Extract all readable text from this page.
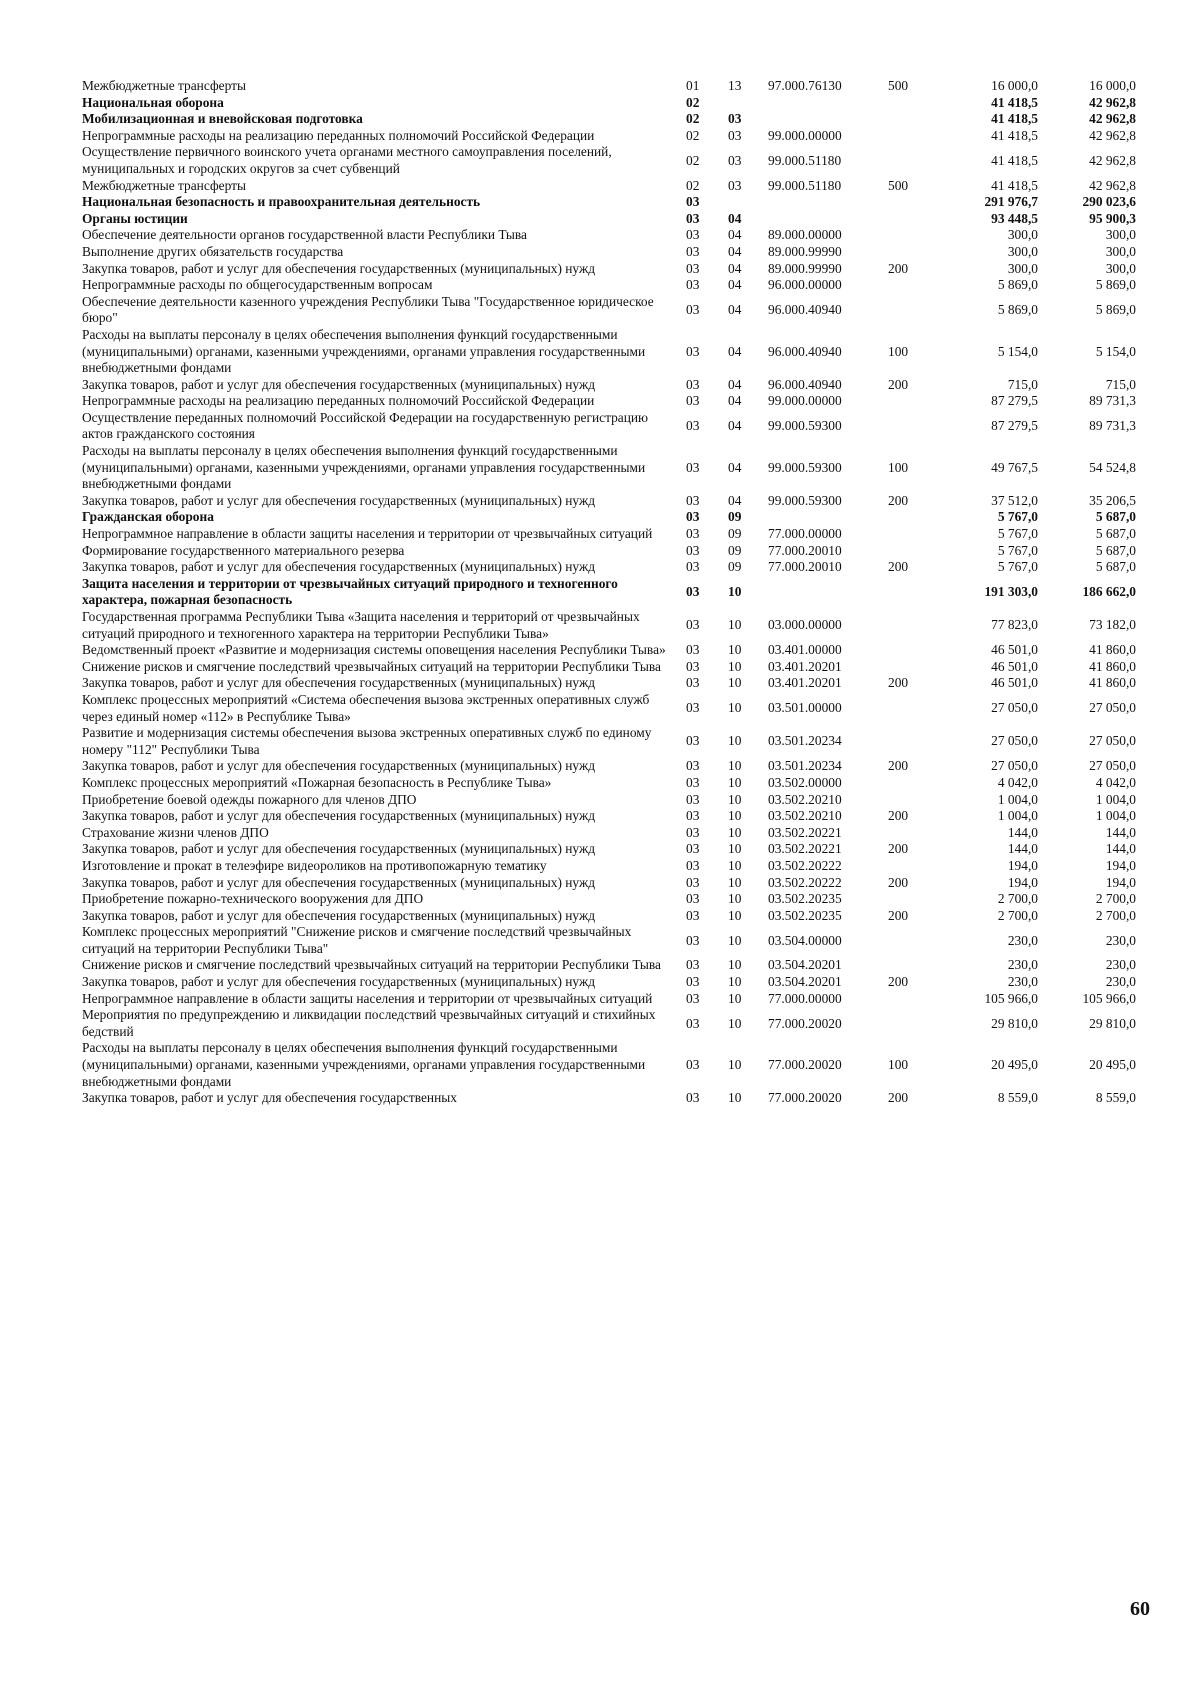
Межбюджетные трансферты	01	13	97.000.76130	500	16 000,0	16 000,0
Национальная оборона	02				41 418,5	42 962,8
Мобилизационная и вневойсковая подготовка	02	03			41 418,5	42 962,8
Непрограммные расходы на реализацию переданных полномочий Российской Федерации	02	03	99.000.00000		41 418,5	42 962,8
Осуществление первичного воинского учета органами местного самоуправления поселений, муниципальных и городских округов за счет субвенций	02	03	99.000.51180		41 418,5	42 962,8
Межбюджетные трансферты	02	03	99.000.51180	500	41 418,5	42 962,8
Национальная безопасность и правоохранительная деятельность	03				291 976,7	290 023,6
Органы юстиции	03	04			93 448,5	95 900,3
Обеспечение деятельности органов государственной власти Республики Тыва	03	04	89.000.00000		300,0	300,0
Выполнение других обязательств государства	03	04	89.000.99990		300,0	300,0
Закупка товаров, работ и услуг для обеспечения государственных (муниципальных) нужд	03	04	89.000.99990	200	300,0	300,0
Непрограммные расходы по общегосударственным вопросам	03	04	96.000.00000		5 869,0	5 869,0
Обеспечение деятельности казенного учреждения Республики Тыва "Государственное юридическое бюро"	03	04	96.000.40940		5 869,0	5 869,0
Расходы на выплаты персоналу в целях обеспечения выполнения функций государственными (муниципальными) органами, казенными учреждениями, органами управления государственными внебюджетными фондами	03	04	96.000.40940	100	5 154,0	5 154,0
Закупка товаров, работ и услуг для обеспечения государственных (муниципальных) нужд	03	04	96.000.40940	200	715,0	715,0
Непрограммные расходы на реализацию переданных полномочий Российской Федерации	03	04	99.000.00000		87 279,5	89 731,3
Осуществление переданных полномочий Российской Федерации на государственную регистрацию актов гражданского состояния	03	04	99.000.59300		87 279,5	89 731,3
Расходы на выплаты персоналу в целях обеспечения выполнения функций государственными (муниципальными) органами, казенными учреждениями, органами управления государственными внебюджетными фондами	03	04	99.000.59300	100	49 767,5	54 524,8
Закупка товаров, работ и услуг для обеспечения государственных (муниципальных) нужд	03	04	99.000.59300	200	37 512,0	35 206,5
Гражданская оборона	03	09			5 767,0	5 687,0
Непрограммное направление в области защиты населения и территории от чрезвычайных ситуаций	03	09	77.000.00000		5 767,0	5 687,0
Формирование государственного материального резерва	03	09	77.000.20010		5 767,0	5 687,0
Закупка товаров, работ и услуг для обеспечения государственных (муниципальных) нужд	03	09	77.000.20010	200	5 767,0	5 687,0
Защита населения и территории от чрезвычайных ситуаций природного и техногенного характера, пожарная безопасность	03	10			191 303,0	186 662,0
Государственная программа Республики Тыва «Защита населения и территорий от чрезвычайных ситуаций природного и техногенного характера на территории Республики Тыва»	03	10	03.000.00000		77 823,0	73 182,0
Ведомственный проект «Развитие и модернизация системы оповещения населения Республики Тыва»	03	10	03.401.00000		46 501,0	41 860,0
Снижение рисков и смягчение последствий чрезвычайных ситуаций на территории Республики Тыва	03	10	03.401.20201		46 501,0	41 860,0
Закупка товаров, работ и услуг для обеспечения государственных (муниципальных) нужд	03	10	03.401.20201	200	46 501,0	41 860,0
Комплекс процессных мероприятий «Система обеспечения вызова экстренных оперативных служб через единый номер «112» в Республике Тыва»	03	10	03.501.00000		27 050,0	27 050,0
Развитие и модернизация системы обеспечения вызова экстренных оперативных служб по единому номеру "112" Республики Тыва	03	10	03.501.20234		27 050,0	27 050,0
Закупка товаров, работ и услуг для обеспечения государственных (муниципальных) нужд	03	10	03.501.20234	200	27 050,0	27 050,0
Комплекс процессных мероприятий «Пожарная безопасность в Республике Тыва»	03	10	03.502.00000		4 042,0	4 042,0
Приобретение боевой одежды пожарного для членов ДПО	03	10	03.502.20210		1 004,0	1 004,0
Закупка товаров, работ и услуг для обеспечения государственных (муниципальных) нужд	03	10	03.502.20210	200	1 004,0	1 004,0
Страхование жизни членов ДПО	03	10	03.502.20221		144,0	144,0
Закупка товаров, работ и услуг для обеспечения государственных (муниципальных) нужд	03	10	03.502.20221	200	144,0	144,0
Изготовление и прокат в телеэфире видеороликов на противопожарную тематику	03	10	03.502.20222		194,0	194,0
Закупка товаров, работ и услуг для обеспечения государственных (муниципальных) нужд	03	10	03.502.20222	200	194,0	194,0
Приобретение пожарно-технического вооружения для ДПО	03	10	03.502.20235		2 700,0	2 700,0
Закупка товаров, работ и услуг для обеспечения государственных (муниципальных) нужд	03	10	03.502.20235	200	2 700,0	2 700,0
Комплекс процессных мероприятий "Снижение рисков и смягчение последствий чрезвычайных ситуаций на территории Республики Тыва"	03	10	03.504.00000		230,0	230,0
Снижение рисков и смягчение последствий чрезвычайных ситуаций на территории Республики Тыва	03	10	03.504.20201		230,0	230,0
Закупка товаров, работ и услуг для обеспечения государственных (муниципальных) нужд	03	10	03.504.20201	200	230,0	230,0
Непрограммное направление в области защиты населения и территории от чрезвычайных ситуаций	03	10	77.000.00000		105 966,0	105 966,0
Мероприятия по предупреждению и ликвидации последствий чрезвычайных ситуаций и стихийных бедствий	03	10	77.000.20020		29 810,0	29 810,0
Расходы на выплаты персоналу в целях обеспечения выполнения функций государственными (муниципальными) органами, казенными учреждениями, органами управления государственными внебюджетными фондами	03	10	77.000.20020	100	20 495,0	20 495,0
Закупка товаров, работ и услуг для обеспечения государственных	03	10	77.000.20020	200	8 559,0	8 559,0
60
